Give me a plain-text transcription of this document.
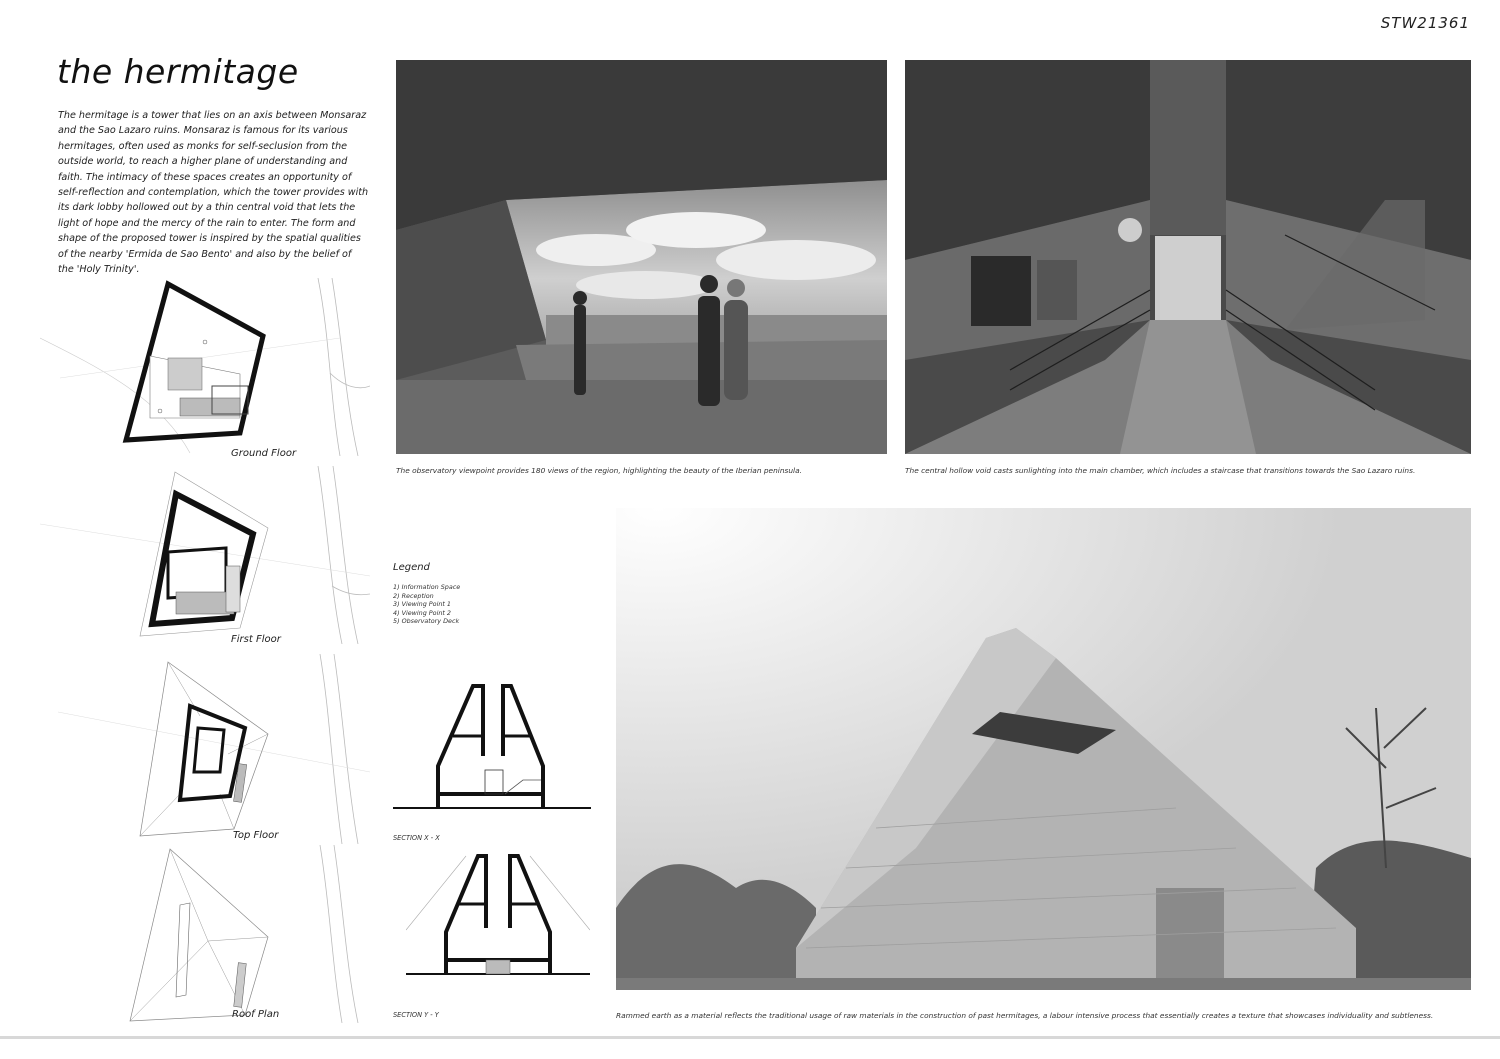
STW21361
the hermitage

The hermitage is a tower that lies on an axis between Monsaraz and the Sao Lazaro ruins. Monsaraz is famous for its various hermitages, often used as monks for self-seclusion from the outside world, to reach a higher plane of understanding and faith. The intimacy of these spaces creates an opportunity of self-reflection and contemplation, which the tower provides with its dark lobby hollowed out by a thin central void that lets the light of hope and the mercy of the rain to enter. The form and shape of the proposed tower is inspired by the spatial qualities of the nearby 'Ermida de Sao Bento' and also by the belief of the 'Holy Trinity'.

Ground Floor
First Floor
Top Floor
Roof Plan
The observatory viewpoint provides 180 views of the region, highlighting the beauty of the Iberian peninsula.	The central hollow void casts sunlighting into the main chamber, which includes a staircase that transitions towards the Sao Lazaro ruins.
Legend
1) Information Space
2) Reception
3) Viewing Point 1
4) Viewing Point 2
5) Observatory Deck
SECTION X - X
SECTION Y - Y	Rammed earth as a material reflects the traditional usage of raw materials in the construction of past hermitages, a labour intensive process that essentially creates a texture that showcases individuality and subtleness.
